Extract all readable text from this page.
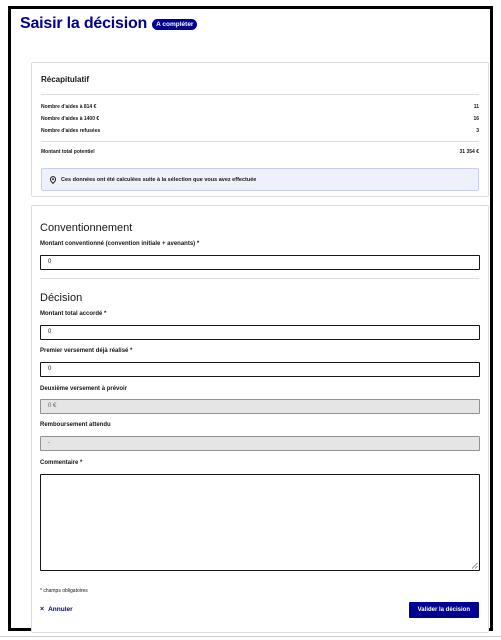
Saisir la décision	A compléter
Récapitulatif
Nombre d'aides à 814 €	11
Nombre d'aides à 1400 €	16
Nombre d'aides refusées	3
Montant total potentiel	31 354 €
Ces données ont été calculées suite à la sélection que vous avez effectuée
Conventionnement
Montant conventionné (convention initiale + avenants) *
0
Décision
Montant total accordé *
0
Premier versement déjà réalisé *
0
Deuxième versement à prévoir
0 €
Remboursement attendu
-
Commentaire *
* champs obligatoires
× Annuler	Valider la décision
